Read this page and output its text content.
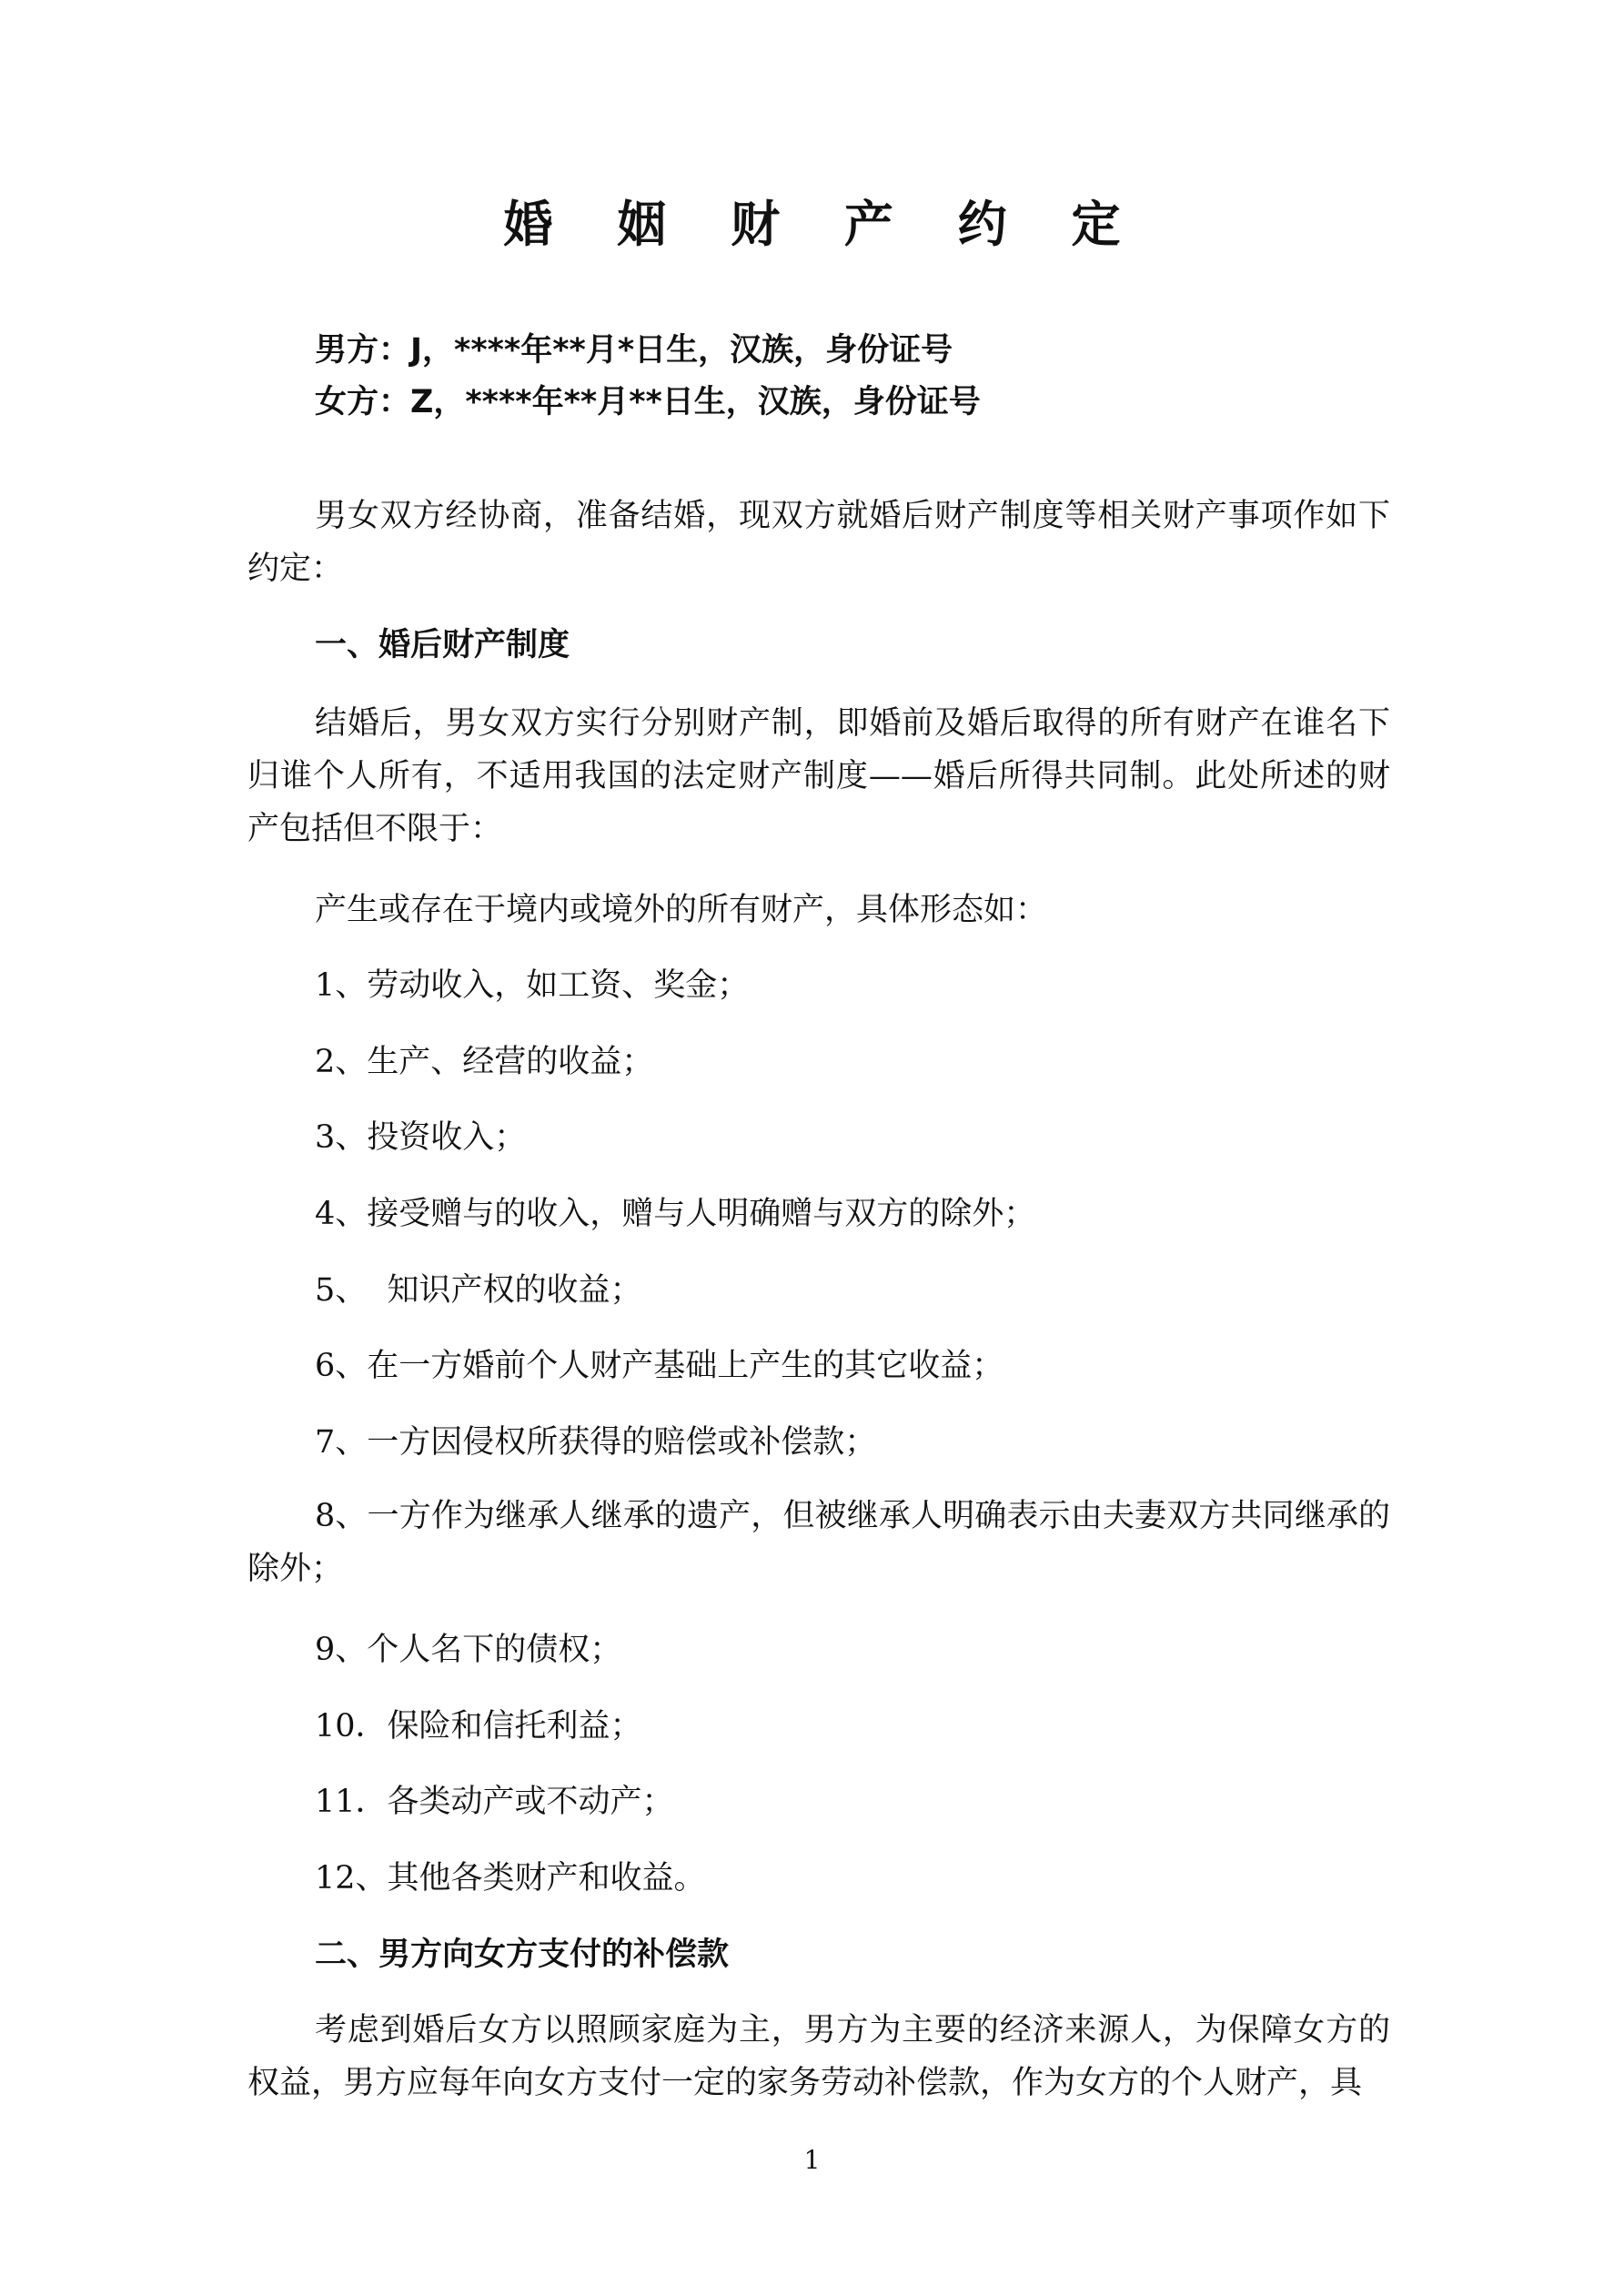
婚 姻 财 产 约 定
男方：J，****年**月*日生，汉族，身份证号
女方：Z，****年**月**日生，汉族，身份证号

男女双方经协商，准备结婚，现双方就婚后财产制度等相关财产事项作如下约定：

一、婚后财产制度

结婚后，男女双方实行分别财产制，即婚前及婚后取得的所有财产在谁名下归谁个人所有，不适用我国的法定财产制度——婚后所得共同制。此处所述的财产包括但不限于：

产生或存在于境内或境外的所有财产，具体形态如：
1、劳动收入，如工资、奖金；
2、生产、经营的收益；
3、投资收入；
4、接受赠与的收入，赠与人明确赠与双方的除外；
5、  知识产权的收益；
6、在一方婚前个人财产基础上产生的其它收益；
7、一方因侵权所获得的赔偿或补偿款；

8、一方作为继承人继承的遗产，但被继承人明确表示由夫妻双方共同继承的除外；

9、个人名下的债权；
10．保险和信托利益；
11．各类动产或不动产；
12、其他各类财产和收益。
二、男方向女方支付的补偿款

考虑到婚后女方以照顾家庭为主，男方为主要的经济来源人，为保障女方的权益，男方应每年向女方支付一定的家务劳动补偿款，作为女方的个人财产，具

1
